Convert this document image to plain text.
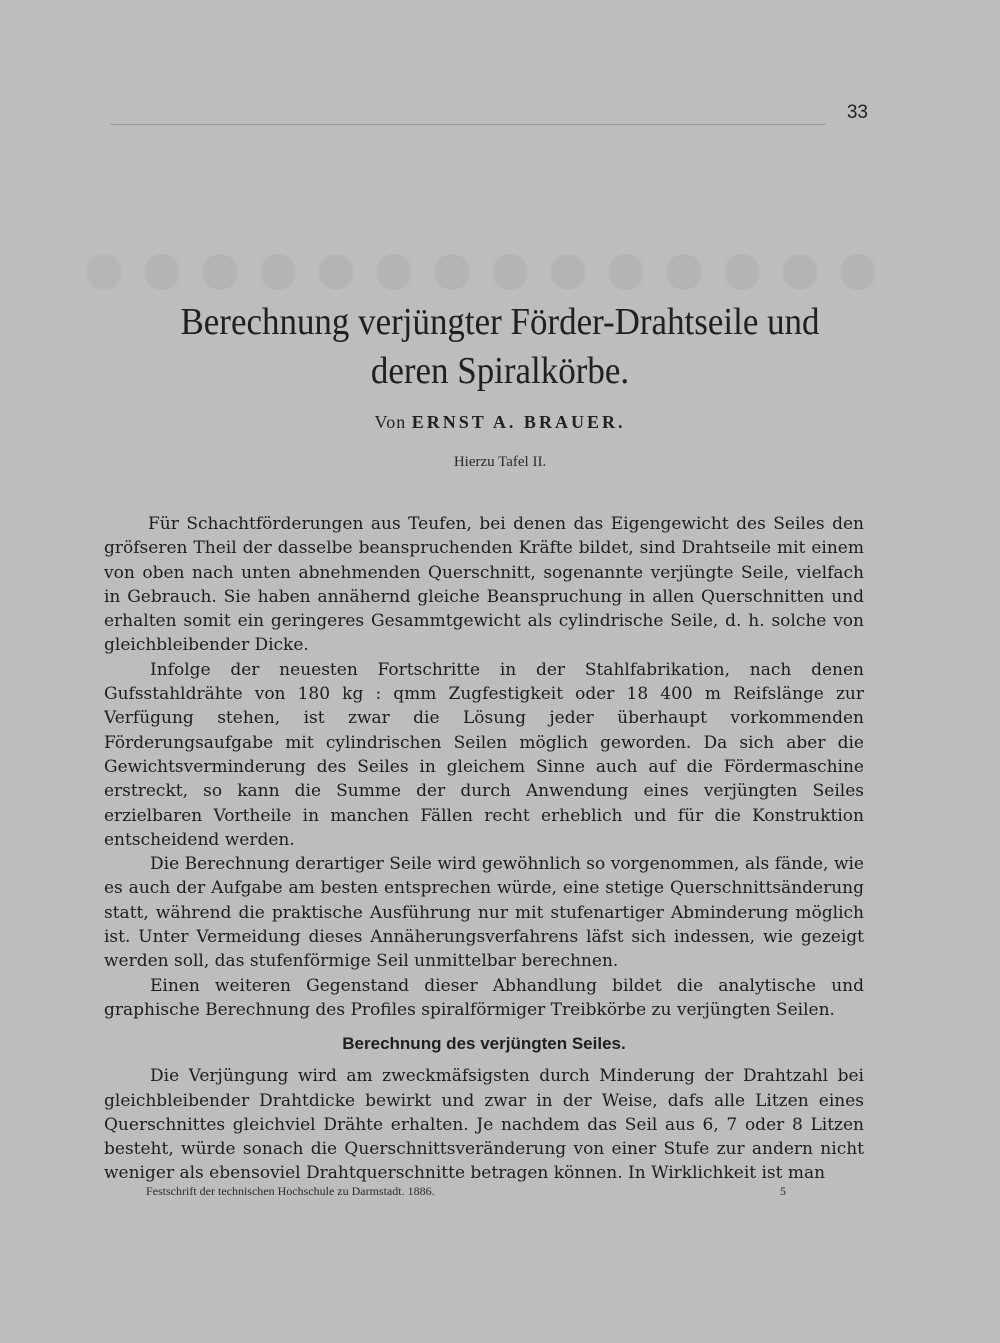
33
Berechnung verjüngter Förder-Drahtseile und deren Spiralkörbe.
Von ERNST A. BRAUER.
Hierzu Tafel II.

Für Schachtförderungen aus Teufen, bei denen das Eigengewicht des Seiles den gröfseren Theil der dasselbe beanspruchenden Kräfte bildet, sind Drahtseile mit einem von oben nach unten abnehmenden Querschnitt, sogenannte verjüngte Seile, vielfach in Gebrauch. Sie haben annähernd gleiche Beanspruchung in allen Querschnitten und erhalten somit ein geringeres Gesammtgewicht als cylindrische Seile, d. h. solche von gleichbleibender Dicke.

Infolge der neuesten Fortschritte in der Stahlfabrikation, nach denen Gufsstahldrähte von 180 kg : qmm Zugfestigkeit oder 18 400 m Reifslänge zur Verfügung stehen, ist zwar die Lösung jeder überhaupt vorkommenden Förderungsaufgabe mit cylindrischen Seilen möglich geworden. Da sich aber die Gewichtsverminderung des Seiles in gleichem Sinne auch auf die Fördermaschine erstreckt, so kann die Summe der durch Anwendung eines verjüngten Seiles erzielbaren Vortheile in manchen Fällen recht erheblich und für die Konstruktion entscheidend werden.

Die Berechnung derartiger Seile wird gewöhnlich so vorgenommen, als fände, wie es auch der Aufgabe am besten entsprechen würde, eine stetige Querschnittsänderung statt, während die praktische Ausführung nur mit stufenartiger Abminderung möglich ist. Unter Vermeidung dieses Annäherungsverfahrens läfst sich indessen, wie gezeigt werden soll, das stufenförmige Seil unmittelbar berechnen.

Einen weiteren Gegenstand dieser Abhandlung bildet die analytische und graphische Berechnung des Profiles spiralförmiger Treibkörbe zu verjüngten Seilen.

Berechnung des verjüngten Seiles.

Die Verjüngung wird am zweckmäfsigsten durch Minderung der Drahtzahl bei gleichbleibender Drahtdicke bewirkt und zwar in der Weise, dafs alle Litzen eines Querschnittes gleichviel Drähte erhalten. Je nachdem das Seil aus 6, 7 oder 8 Litzen besteht, würde sonach die Querschnittsveränderung von einer Stufe zur andern nicht weniger als ebensoviel Drahtquerschnitte betragen können. In Wirklichkeit ist man

Festschrift der technischen Hochschule zu Darmstadt. 1886.	5
